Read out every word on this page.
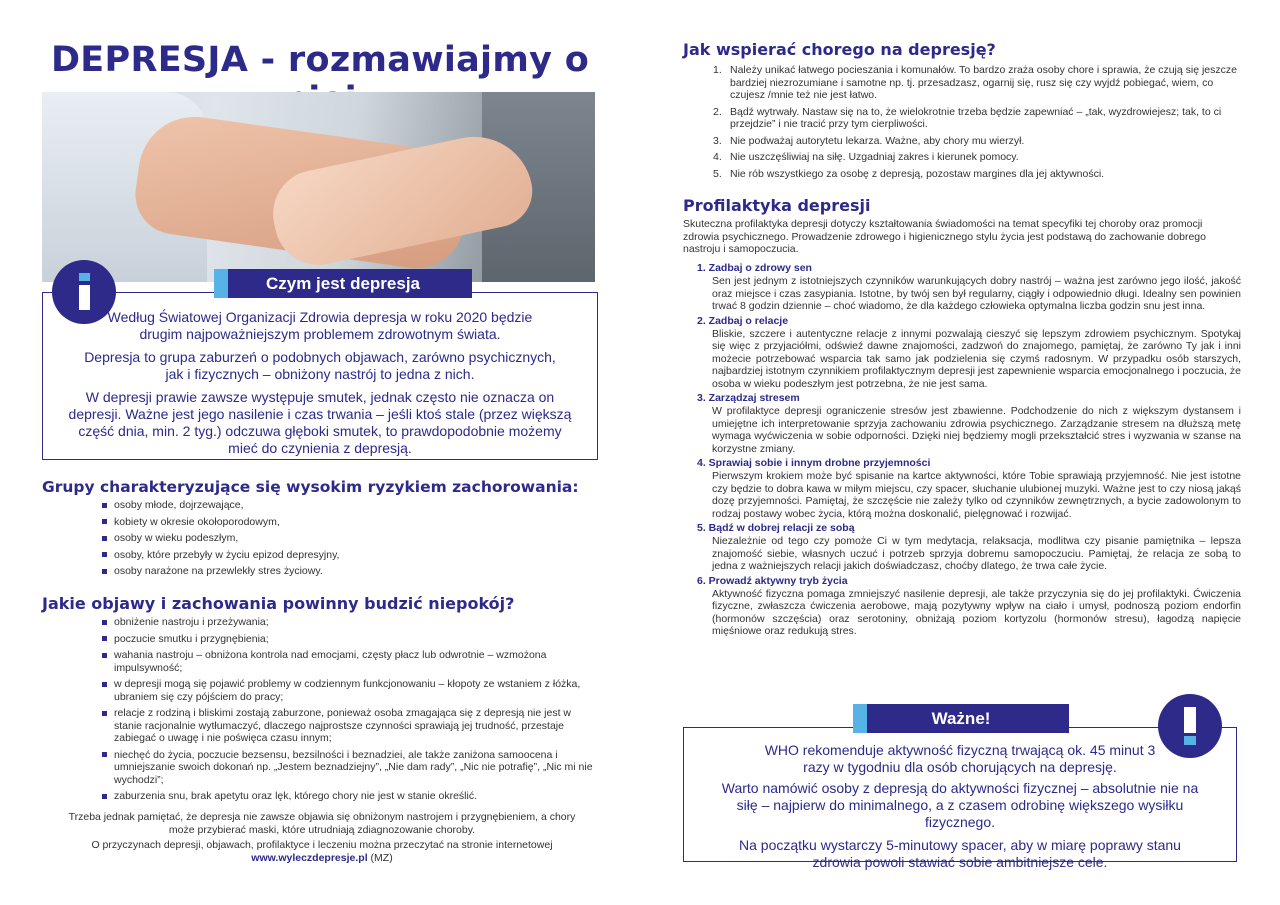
DEPRESJA - rozmawiajmy o
Czym jest depresja

Według Światowej Organizacji Zdrowia depresja w roku 2020 będzie drugim najpoważniejszym problemem zdrowotnym świata.

Depresja to grupa zaburzeń o podobnych objawach, zarówno psychicznych, jak i fizycznych – obniżony nastrój to jedna z nich.

W depresji prawie zawsze występuje smutek, jednak często nie oznacza on depresji. Ważne jest jego nasilenie i czas trwania – jeśli ktoś stale (przez większą część dnia, min. 2 tyg.) odczuwa głęboki smutek, to prawdopodobnie możemy mieć do czynienia z depresją.

Grupy charakteryzujące się wysokim ryzykiem zachorowania:
osoby młode, dojrzewające,
kobiety w okresie okołoporodowym,
osoby w wieku podeszłym,
osoby, które przebyły w życiu epizod depresyjny,
osoby narażone na przewlekły stres życiowy.
Jakie objawy i zachowania powinny budzić niepokój?
obniżenie nastroju i przeżywania;
poczucie smutku i przygnębienia;
wahania nastroju – obniżona kontrola nad emocjami, częsty płacz lub odwrotnie – wzmożona impulsywność;
w depresji mogą się pojawić problemy w codziennym funkcjonowaniu – kłopoty ze wstaniem z łóżka, ubraniem się czy pójściem do pracy;
relacje z rodziną i bliskimi zostają zaburzone, ponieważ osoba zmagająca się z depresją nie jest w stanie racjonalnie wytłumaczyć, dlaczego najprostsze czynności sprawiają jej trudność, przestaje zabiegać o uwagę i nie poświęca czasu innym;
niechęć do życia, poczucie bezsensu, bezsilności i beznadziei, ale także zaniżona samoocena i umniejszanie swoich dokonań np. „Jestem beznadziejny”, „Nie dam rady”, „Nic nie potrafię”, „Nic mi nie wychodzi”;
zaburzenia snu, brak apetytu oraz lęk, którego chory nie jest w stanie określić.

Trzeba jednak pamiętać, że depresja nie zawsze objawia się obniżonym nastrojem i przygnębieniem, a chory może przybierać maski, które utrudniają zdiagnozowanie choroby.

O przyczynach depresji, objawach, profilaktyce i leczeniu można przeczytać na stronie internetowej
www.wyleczdepresje.pl (MZ)

Jak wspierać chorego na depresję?
1. Należy unikać łatwego pocieszania i komunałów. To bardzo zraża osoby chore i sprawia, że czują się jeszcze bardziej niezrozumiane i samotne np. tj. przesadzasz, ogarnij się, rusz się czy wyjdź pobiegać, wiem, co czujesz /mnie też nie jest łatwo.
2. Bądź wytrwały. Nastaw się na to, że wielokrotnie trzeba będzie zapewniać – „tak, wyzdrowiejesz; tak, to ci przejdzie” i nie tracić przy tym cierpliwości.
3. Nie podważaj autorytetu lekarza. Ważne, aby chory mu wierzył.
4. Nie uszczęśliwiaj na siłę. Uzgadniaj zakres i kierunek pomocy.
5. Nie rób wszystkiego za osobę z depresją, pozostaw margines dla jej aktywności.
Profilaktyka depresji

Skuteczna profilaktyka depresji dotyczy kształtowania świadomości na temat specyfiki tej choroby oraz promocji zdrowia psychicznego. Prowadzenie zdrowego i higienicznego stylu życia jest podstawą do zachowanie dobrego nastroju i samopoczucia.

1. Zadbaj o zdrowy sen

Sen jest jednym z istotniejszych czynników warunkujących dobry nastrój – ważna jest zarówno jego ilość, jakość oraz miejsce i czas zasypiania. Istotne, by twój sen był regularny, ciągły i odpowiednio długi. Idealny sen powinien trwać 8 godzin dziennie – choć wiadomo, że dla każdego człowieka optymalna liczba godzin snu jest inna.

2. Zadbaj o relacje

Bliskie, szczere i autentyczne relacje z innymi pozwalają cieszyć się lepszym zdrowiem psychicznym. Spotykaj się więc z przyjaciółmi, odświeź dawne znajomości, zadzwoń do znajomego, pamiętaj, że zarówno Ty jak i inni możecie potrzebować wsparcia tak samo jak podzielenia się czymś radosnym. W przypadku osób starszych, najbardziej istotnym czynnikiem profilaktycznym depresji jest zapewnienie wsparcia emocjonalnego i poczucia, że osoba w wieku podeszłym jest potrzebna, że nie jest sama.

3. Zarządzaj stresem

W profilaktyce depresji ograniczenie stresów jest zbawienne. Podchodzenie do nich z większym dystansem i umiejętne ich interpretowanie sprzyja zachowaniu zdrowia psychicznego. Zarządzanie stresem na dłuższą metę wymaga wyćwiczenia w sobie odporności. Dzięki niej będziemy mogli przekształcić stres i wyzwania w szanse na korzystne zmiany.

4. Sprawiaj sobie i innym drobne przyjemności

Pierwszym krokiem może być spisanie na kartce aktywności, które Tobie sprawiają przyjemność. Nie jest istotne czy będzie to dobra kawa w miłym miejscu, czy spacer, słuchanie ulubionej muzyki. Ważne jest to czy niosą jakąś dozę przyjemności. Pamiętaj, że szczęście nie zależy tylko od czynników zewnętrznych, a bycie zadowolonym to rodzaj postawy wobec życia, którą można doskonalić, pielęgnować i rozwijać.

5. Bądź w dobrej relacji ze sobą

Niezależnie od tego czy pomoże Ci w tym medytacja, relaksacja, modlitwa czy pisanie pamiętnika – lepsza znajomość siebie, własnych uczuć i potrzeb sprzyja dobremu samopoczuciu. Pamiętaj, że relacja ze sobą to jedna z ważniejszych relacji jakich doświadczasz, choćby dlatego, że trwa całe życie.

6. Prowadź aktywny tryb życia

Aktywność fizyczna pomaga zmniejszyć nasilenie depresji, ale także przyczynia się do jej profilaktyki. Ćwiczenia fizyczne, zwłaszcza ćwiczenia aerobowe, mają pozytywny wpływ na ciało i umysł, podnoszą poziom endorfin (hormonów szczęścia) oraz serotoniny, obniżają poziom kortyzolu (hormonów stresu), łagodzą napięcie mięśniowe oraz redukują stres.

Ważne!

WHO rekomenduje aktywność fizyczną trwającą ok. 45 minut 3 razy w tygodniu dla osób chorujących na depresję.

Warto namówić osoby z depresją do aktywności fizycznej – absolutnie nie na siłę – najpierw do minimalnego, a z czasem odrobinę większego wysiłku fizycznego.

Na początku wystarczy 5-minutowy spacer, aby w miarę poprawy stanu zdrowia powoli stawiać sobie ambitniejsze cele.
